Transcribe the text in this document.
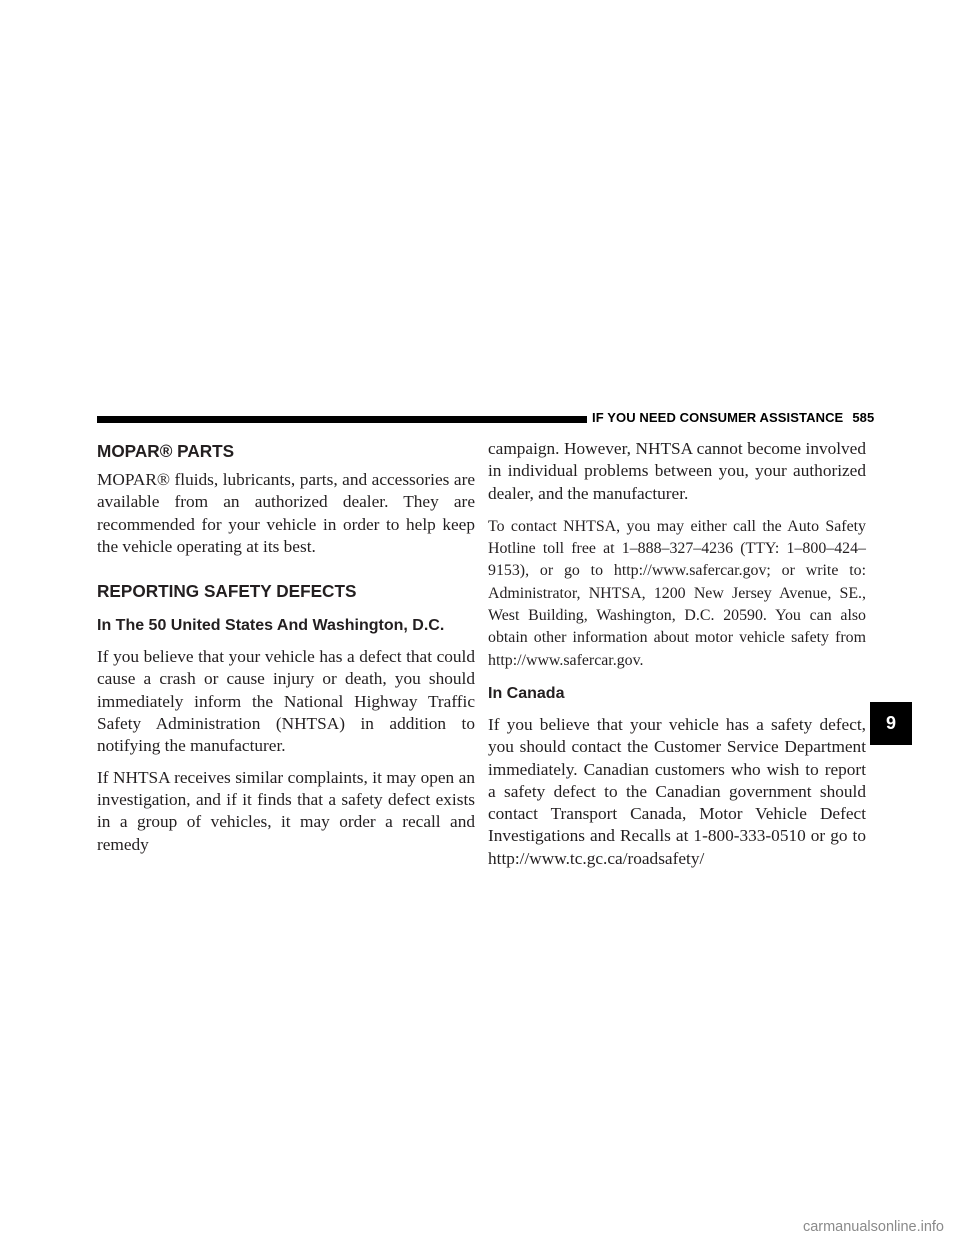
IF YOU NEED CONSUMER ASSISTANCE 585
MOPAR® PARTS

MOPAR® fluids, lubricants, parts, and accessories are available from an authorized dealer. They are recommended for your vehicle in order to help keep the vehicle operating at its best.

REPORTING SAFETY DEFECTS
In The 50 United States And Washington, D.C.

If you believe that your vehicle has a defect that could cause a crash or cause injury or death, you should immediately inform the National Highway Traffic Safety Administration (NHTSA) in addition to notifying the manufacturer.

If NHTSA receives similar complaints, it may open an investigation, and if it finds that a safety defect exists in a group of vehicles, it may order a recall and remedy

campaign. However, NHTSA cannot become involved in individual problems between you, your authorized dealer, and the manufacturer.

To contact NHTSA, you may either call the Auto Safety Hotline toll free at 1–888–327–4236 (TTY: 1–800–424–9153), or go to http://www.safercar.gov; or write to: Administrator, NHTSA, 1200 New Jersey Avenue, SE., West Building, Washington, D.C. 20590. You can also obtain other information about motor vehicle safety from http://www.safercar.gov.

In Canada

If you believe that your vehicle has a safety defect, you should contact the Customer Service Department immediately. Canadian customers who wish to report a safety defect to the Canadian government should contact Transport Canada, Motor Vehicle Defect Investigations and Recalls at 1-800-333-0510 or go to http://www.tc.gc.ca/roadsafety/

9
carmanualsonline.info
